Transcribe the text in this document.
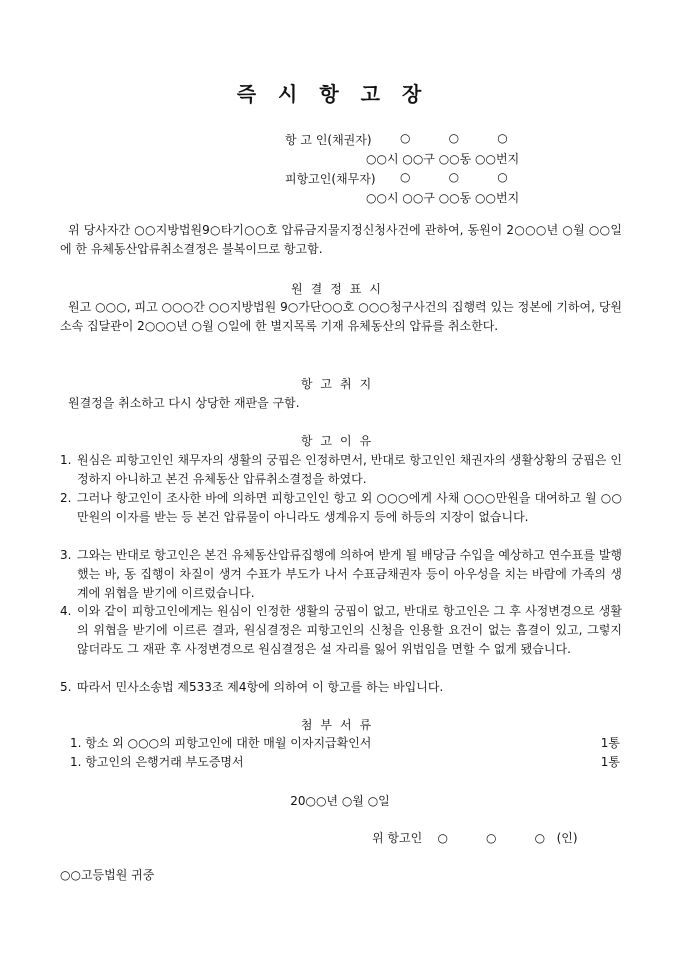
즉시항고장
항 고 인(채권자) ○          ○          ○
○○시 ○○구 ○○동 ○○번지
피항고인(채무자) ○          ○          ○
○○시 ○○구 ○○동 ○○번지
위 당사자간 ○○지방법원9○타기○○호 압류금지물지정신청사건에 관하여, 동원이 2○○○년 ○월 ○○일에 한 유체동산압류취소결정은 불복이므로 항고함.
원결정표시
원고 ○○○, 피고 ○○○간 ○○지방법원 9○가단○○호 ○○○청구사건의 집행력 있는 정본에 기하여, 당원 소속 집달관이 2○○○년 ○월 ○일에 한 별지목록 기재 유체동산의 압류를 취소한다.
항고취지
원결정을 취소하고 다시 상당한 재판을 구함.
항고이유
1. 원심은 피항고인인 채무자의 생활의 궁핍은 인정하면서, 반대로 항고인인 채권자의 생활상황의 궁핍은 인정하지 아니하고 본건 유체동산 압류취소결정을 하였다.
2. 그러나 항고인이 조사한 바에 의하면 피항고인인 항고 외 ○○○에게 사채 ○○○만원을 대여하고 월 ○○만원의 이자를 받는 등 본건 압류물이 아니라도 생계유지 등에 하등의 지장이 없습니다.
3. 그와는 반대로 항고인은 본건 유체동산압류집행에 의하여 받게 될 배당금 수입을 예상하고 연수표를 발행했는 바, 동 집행이 차질이 생겨 수표가 부도가 나서 수표금채권자 등이 아우성을 치는 바람에 가족의 생계에 위협을 받기에 이르렀습니다.
4. 이와 같이 피항고인에게는 원심이 인정한 생활의 궁핍이 없고, 반대로 항고인은 그 후 사정변경으로 생활의 위협을 받기에 이르른 결과, 원심결정은 피항고인의 신청을 인용할 요건이 없는 흠결이 있고, 그렇지 않더라도 그 재판 후 사정변경으로 원심결정은 설 자리를 잃어 위법임을 면할 수 없게 됐습니다.
5. 따라서 민사소송법 제533조 제4항에 의하여 이 항고를 하는 바입니다.
첨부서류
1. 항소 외 ○○○의 피항고인에 대한 매월 이자지급확인서	1통
1. 항고인의 은행거래 부도증명서	1통
20○○년 ○월 ○일
위 항고인    ○          ○          ○   (인)
○○고등법원 귀중
